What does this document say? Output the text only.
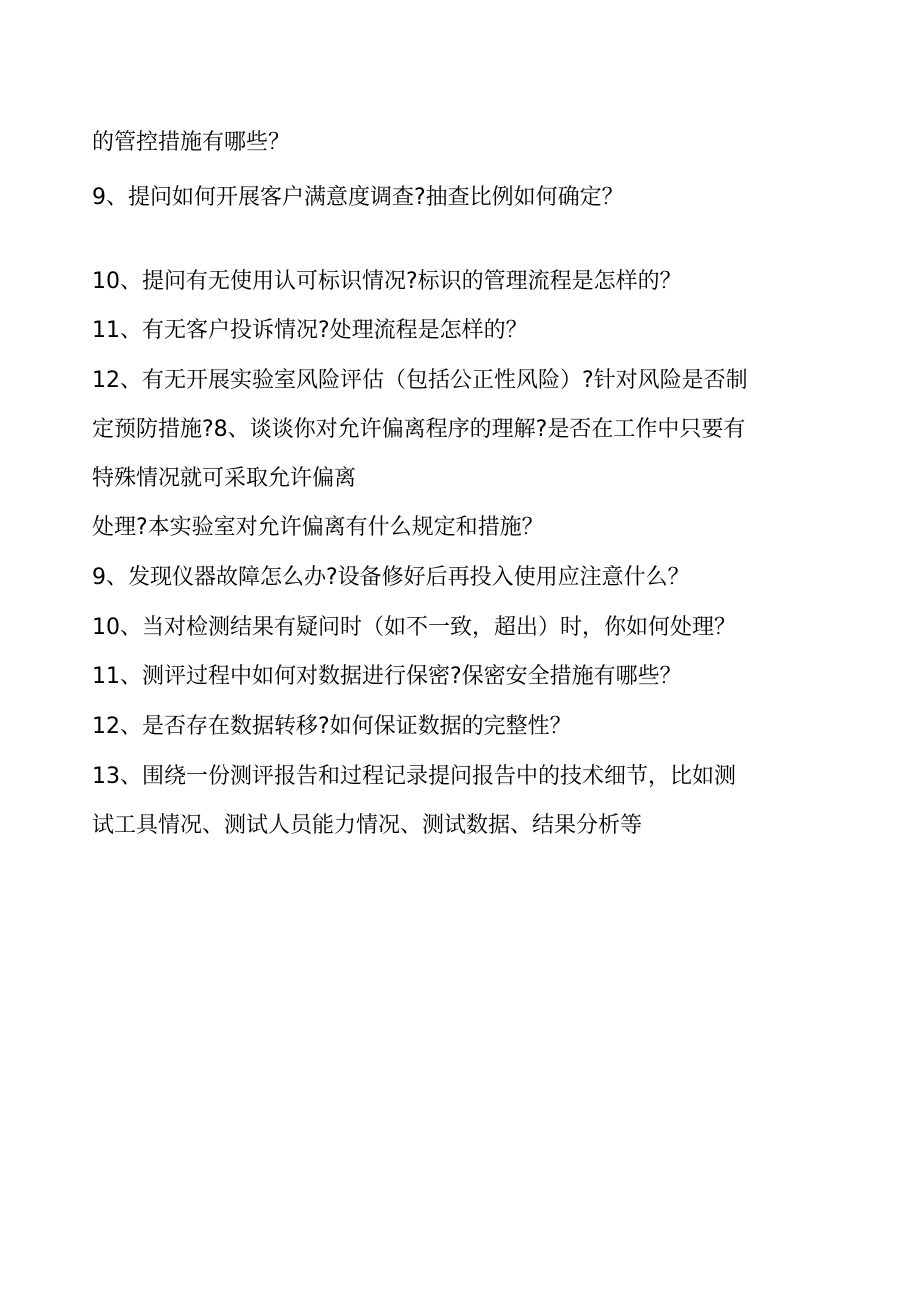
的管控措施有哪些？

9、提问如何开展客户满意度调查?抽查比例如何确定？

10、提问有无使用认可标识情况?标识的管理流程是怎样的？

11、有无客户投诉情况?处理流程是怎样的？

12、有无开展实验室风险评估（包括公正性风险）?针对风险是否制

定预防措施?8、谈谈你对允许偏离程序的理解?是否在工作中只要有

特殊情况就可采取允许偏离

处理?本实验室对允许偏离有什么规定和措施？

9、发现仪器故障怎么办?设备修好后再投入使用应注意什么？

10、当对检测结果有疑问时（如不一致，超出）时，你如何处理？

11、测评过程中如何对数据进行保密?保密安全措施有哪些？

12、是否存在数据转移?如何保证数据的完整性？

13、围绕一份测评报告和过程记录提问报告中的技术细节，比如测

试工具情况、测试人员能力情况、测试数据、结果分析等
